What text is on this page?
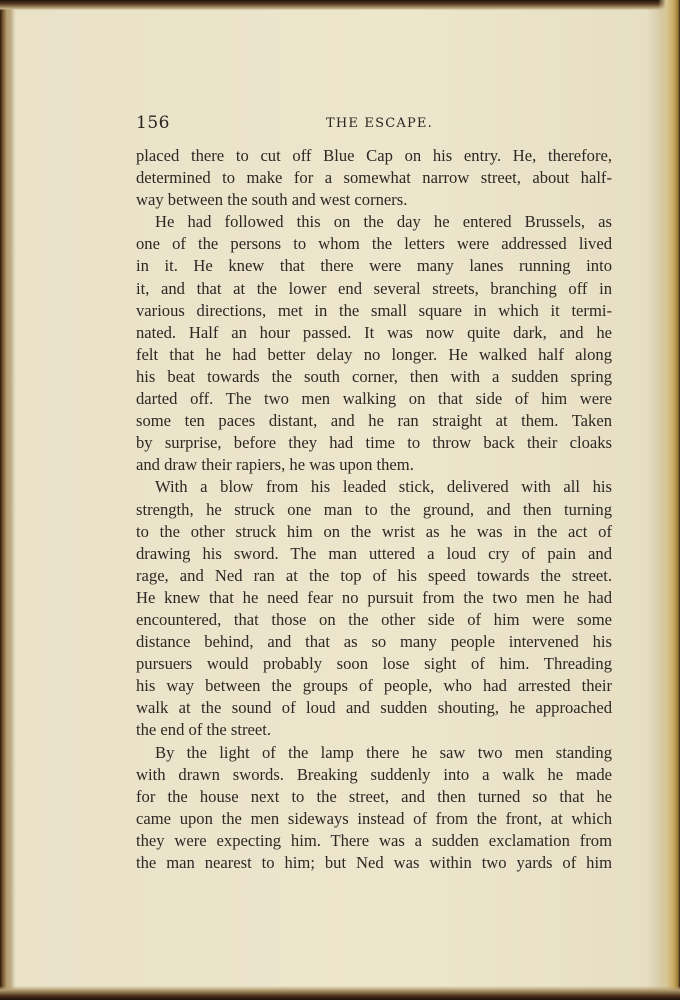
156	THE ESCAPE.
placed there to cut off Blue Cap on his entry. He, therefore,
determined to make for a somewhat narrow street, about half-
way between the south and west corners.
He had followed this on the day he entered Brussels, as
one of the persons to whom the letters were addressed lived
in it. He knew that there were many lanes running into
it, and that at the lower end several streets, branching off in
various directions, met in the small square in which it termi-
nated. Half an hour passed. It was now quite dark, and he
felt that he had better delay no longer. He walked half along
his beat towards the south corner, then with a sudden spring
darted off. The two men walking on that side of him were
some ten paces distant, and he ran straight at them. Taken
by surprise, before they had time to throw back their cloaks
and draw their rapiers, he was upon them.
With a blow from his leaded stick, delivered with all his
strength, he struck one man to the ground, and then turning
to the other struck him on the wrist as he was in the act of
drawing his sword. The man uttered a loud cry of pain and
rage, and Ned ran at the top of his speed towards the street.
He knew that he need fear no pursuit from the two men he had
encountered, that those on the other side of him were some
distance behind, and that as so many people intervened his
pursuers would probably soon lose sight of him. Threading
his way between the groups of people, who had arrested their
walk at the sound of loud and sudden shouting, he approached
the end of the street.
By the light of the lamp there he saw two men standing
with drawn swords. Breaking suddenly into a walk he made
for the house next to the street, and then turned so that he
came upon the men sideways instead of from the front, at which
they were expecting him. There was a sudden exclamation from
the man nearest to him; but Ned was within two yards of him
